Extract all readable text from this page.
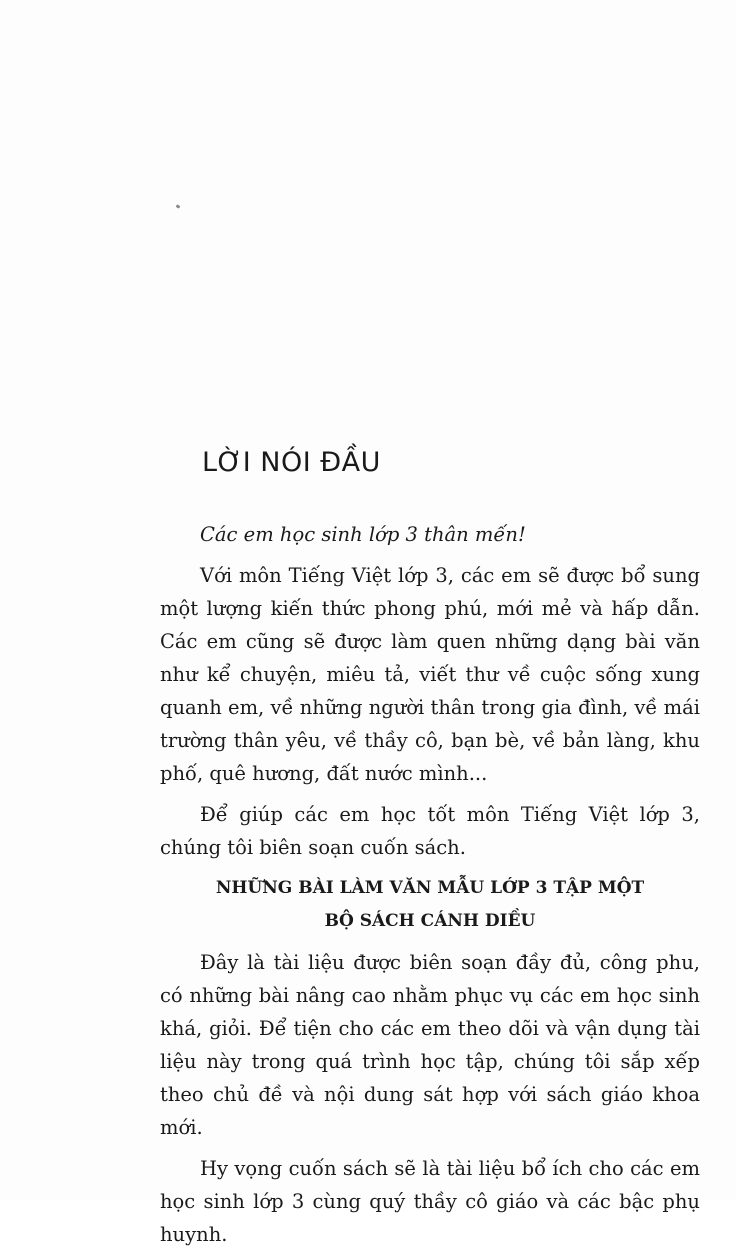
LỜI NÓI ĐẦU

Các em học sinh lớp 3 thân mến!

Với môn Tiếng Việt lớp 3, các em sẽ được bổ sung một lượng kiến thức phong phú, mới mẻ và hấp dẫn. Các em cũng sẽ được làm quen những dạng bài văn như kể chuyện, miêu tả, viết thư về cuộc sống xung quanh em, về những người thân trong gia đình, về mái trường thân yêu, về thầy cô, bạn bè, về bản làng, khu phố, quê hương, đất nước mình...

Để giúp các em học tốt môn Tiếng Việt lớp 3, chúng tôi biên soạn cuốn sách.

NHỮNG BÀI LÀM VĂN MẪU LỚP 3 TẬP MỘT
BỘ SÁCH CÁNH DIỀU

Đây là tài liệu được biên soạn đầy đủ, công phu, có những bài nâng cao nhằm phục vụ các em học sinh khá, giỏi. Để tiện cho các em theo dõi và vận dụng tài liệu này trong quá trình học tập, chúng tôi sắp xếp theo chủ đề và nội dung sát hợp với sách giáo khoa mới.

Hy vọng cuốn sách sẽ là tài liệu bổ ích cho các em học sinh lớp 3 cùng quý thầy cô giáo và các bậc phụ huynh.
